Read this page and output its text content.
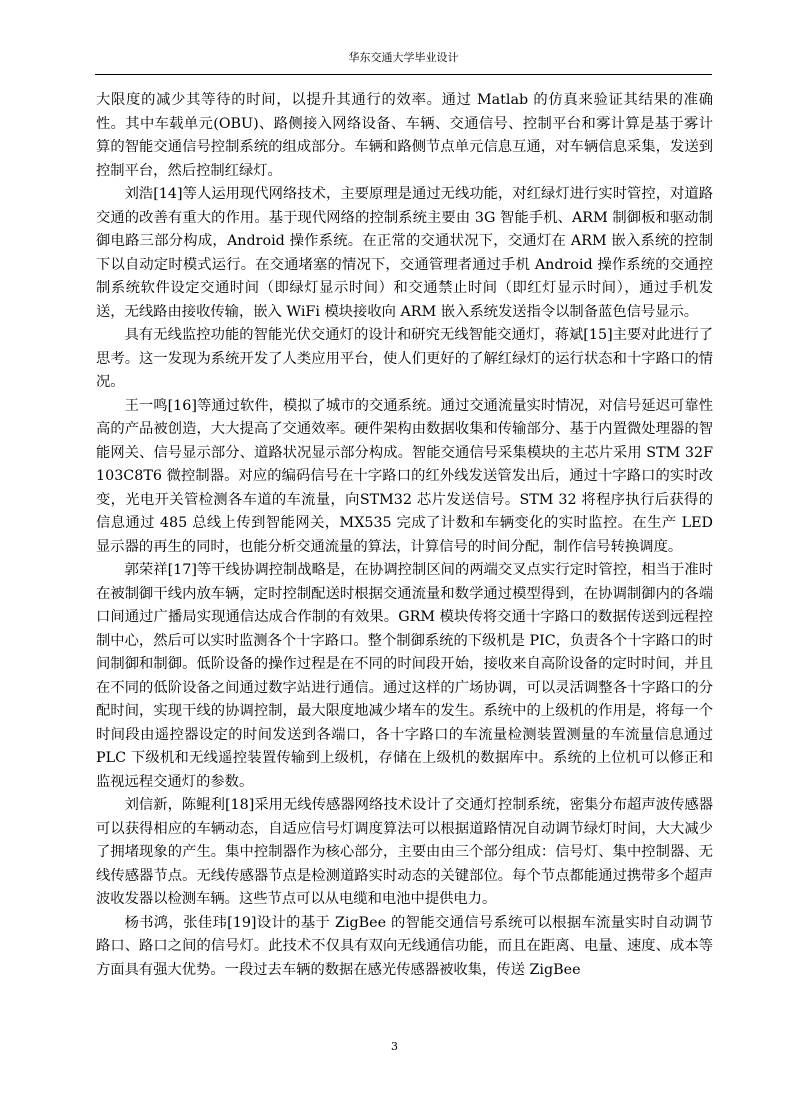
华东交通大学毕业设计

大限度的减少其等待的时间，以提升其通行的效率。通过 Matlab 的仿真来验证其结果的准确性。其中车载单元(OBU)、路侧接入网络设备、车辆、交通信号、控制平台和雾计算是基于雾计算的智能交通信号控制系统的组成部分。车辆和路侧节点单元信息互通，对车辆信息采集，发送到控制平台，然后控制红绿灯。

刘浩[14]等人运用现代网络技术，主要原理是通过无线功能，对红绿灯进行实时管控，对道路交通的改善有重大的作用。基于现代网络的控制系统主要由 3G 智能手机、ARM 制御板和驱动制御电路三部分构成，Android 操作系统。在正常的交通状况下，交通灯在 ARM 嵌入系统的控制下以自动定时模式运行。在交通堵塞的情况下，交通管理者通过手机 Android 操作系统的交通控制系统软件设定交通时间（即绿灯显示时间）和交通禁止时间（即红灯显示时间），通过手机发送，无线路由接收传输，嵌入 WiFi 模块接收向 ARM 嵌入系统发送指令以制备蓝色信号显示。

具有无线监控功能的智能光伏交通灯的设计和研究无线智能交通灯，蒋斌[15]主要对此进行了思考。这一发现为系统开发了人类应用平台，使人们更好的了解红绿灯的运行状态和十字路口的情况。

王一鸣[16]等通过软件，模拟了城市的交通系统。通过交通流量实时情况，对信号延迟可靠性高的产品被创造，大大提高了交通效率。硬件架构由数据收集和传输部分、基于内置微处理器的智能网关、信号显示部分、道路状况显示部分构成。智能交通信号采集模块的主芯片采用 STM 32F 103C8T6 微控制器。对应的编码信号在十字路口的红外线发送管发出后，通过十字路口的实时改变，光电开关管检测各车道的车流量，向STM32 芯片发送信号。STM 32 将程序执行后获得的信息通过 485 总线上传到智能网关，MX535 完成了计数和车辆变化的实时监控。在生产 LED 显示器的再生的同时，也能分析交通流量的算法，计算信号的时间分配，制作信号转换调度。

郭荣祥[17]等干线协调控制战略是，在协调控制区间的两端交叉点实行定时管控，相当于准时在被制御干线内放车辆，定时控制配送时根据交通流量和数学通过模型得到，在协调制御内的各端口间通过广播局实现通信达成合作制的有效果。GRM 模块传将交通十字路口的数据传送到远程控制中心，然后可以实时监测各个十字路口。整个制御系统的下级机是 PIC，负责各个十字路口的时间制御和制御。低阶设备的操作过程是在不同的时间段开始，接收来自高阶设备的定时时间，并且在不同的低阶设备之间通过数字站进行通信。通过这样的广场协调，可以灵活调整各十字路口的分配时间，实现干线的协调控制，最大限度地减少堵车的发生。系统中的上级机的作用是，将每一个时间段由遥控器设定的时间发送到各端口，各十字路口的车流量检测装置测量的车流量信息通过 PLC 下级机和无线遥控装置传输到上级机，存储在上级机的数据库中。系统的上位机可以修正和监视远程交通灯的参数。

刘信新，陈鲲利[18]采用无线传感器网络技术设计了交通灯控制系统，密集分布超声波传感器可以获得相应的车辆动态，自适应信号灯调度算法可以根据道路情况自动调节绿灯时间，大大减少了拥堵现象的产生。集中控制器作为核心部分，主要由由三个部分组成：信号灯、集中控制器、无线传感器节点。无线传感器节点是检测道路实时动态的关键部位。每个节点都能通过携带多个超声波收发器以检测车辆。这些节点可以从电缆和电池中提供电力。

杨书鸿，张佳玮[19]设计的基于 ZigBee 的智能交通信号系统可以根据车流量实时自动调节路口、路口之间的信号灯。此技术不仅具有双向无线通信功能，而且在距离、电量、速度、成本等方面具有强大优势。一段过去车辆的数据在感光传感器被收集，传送 ZigBee

3
